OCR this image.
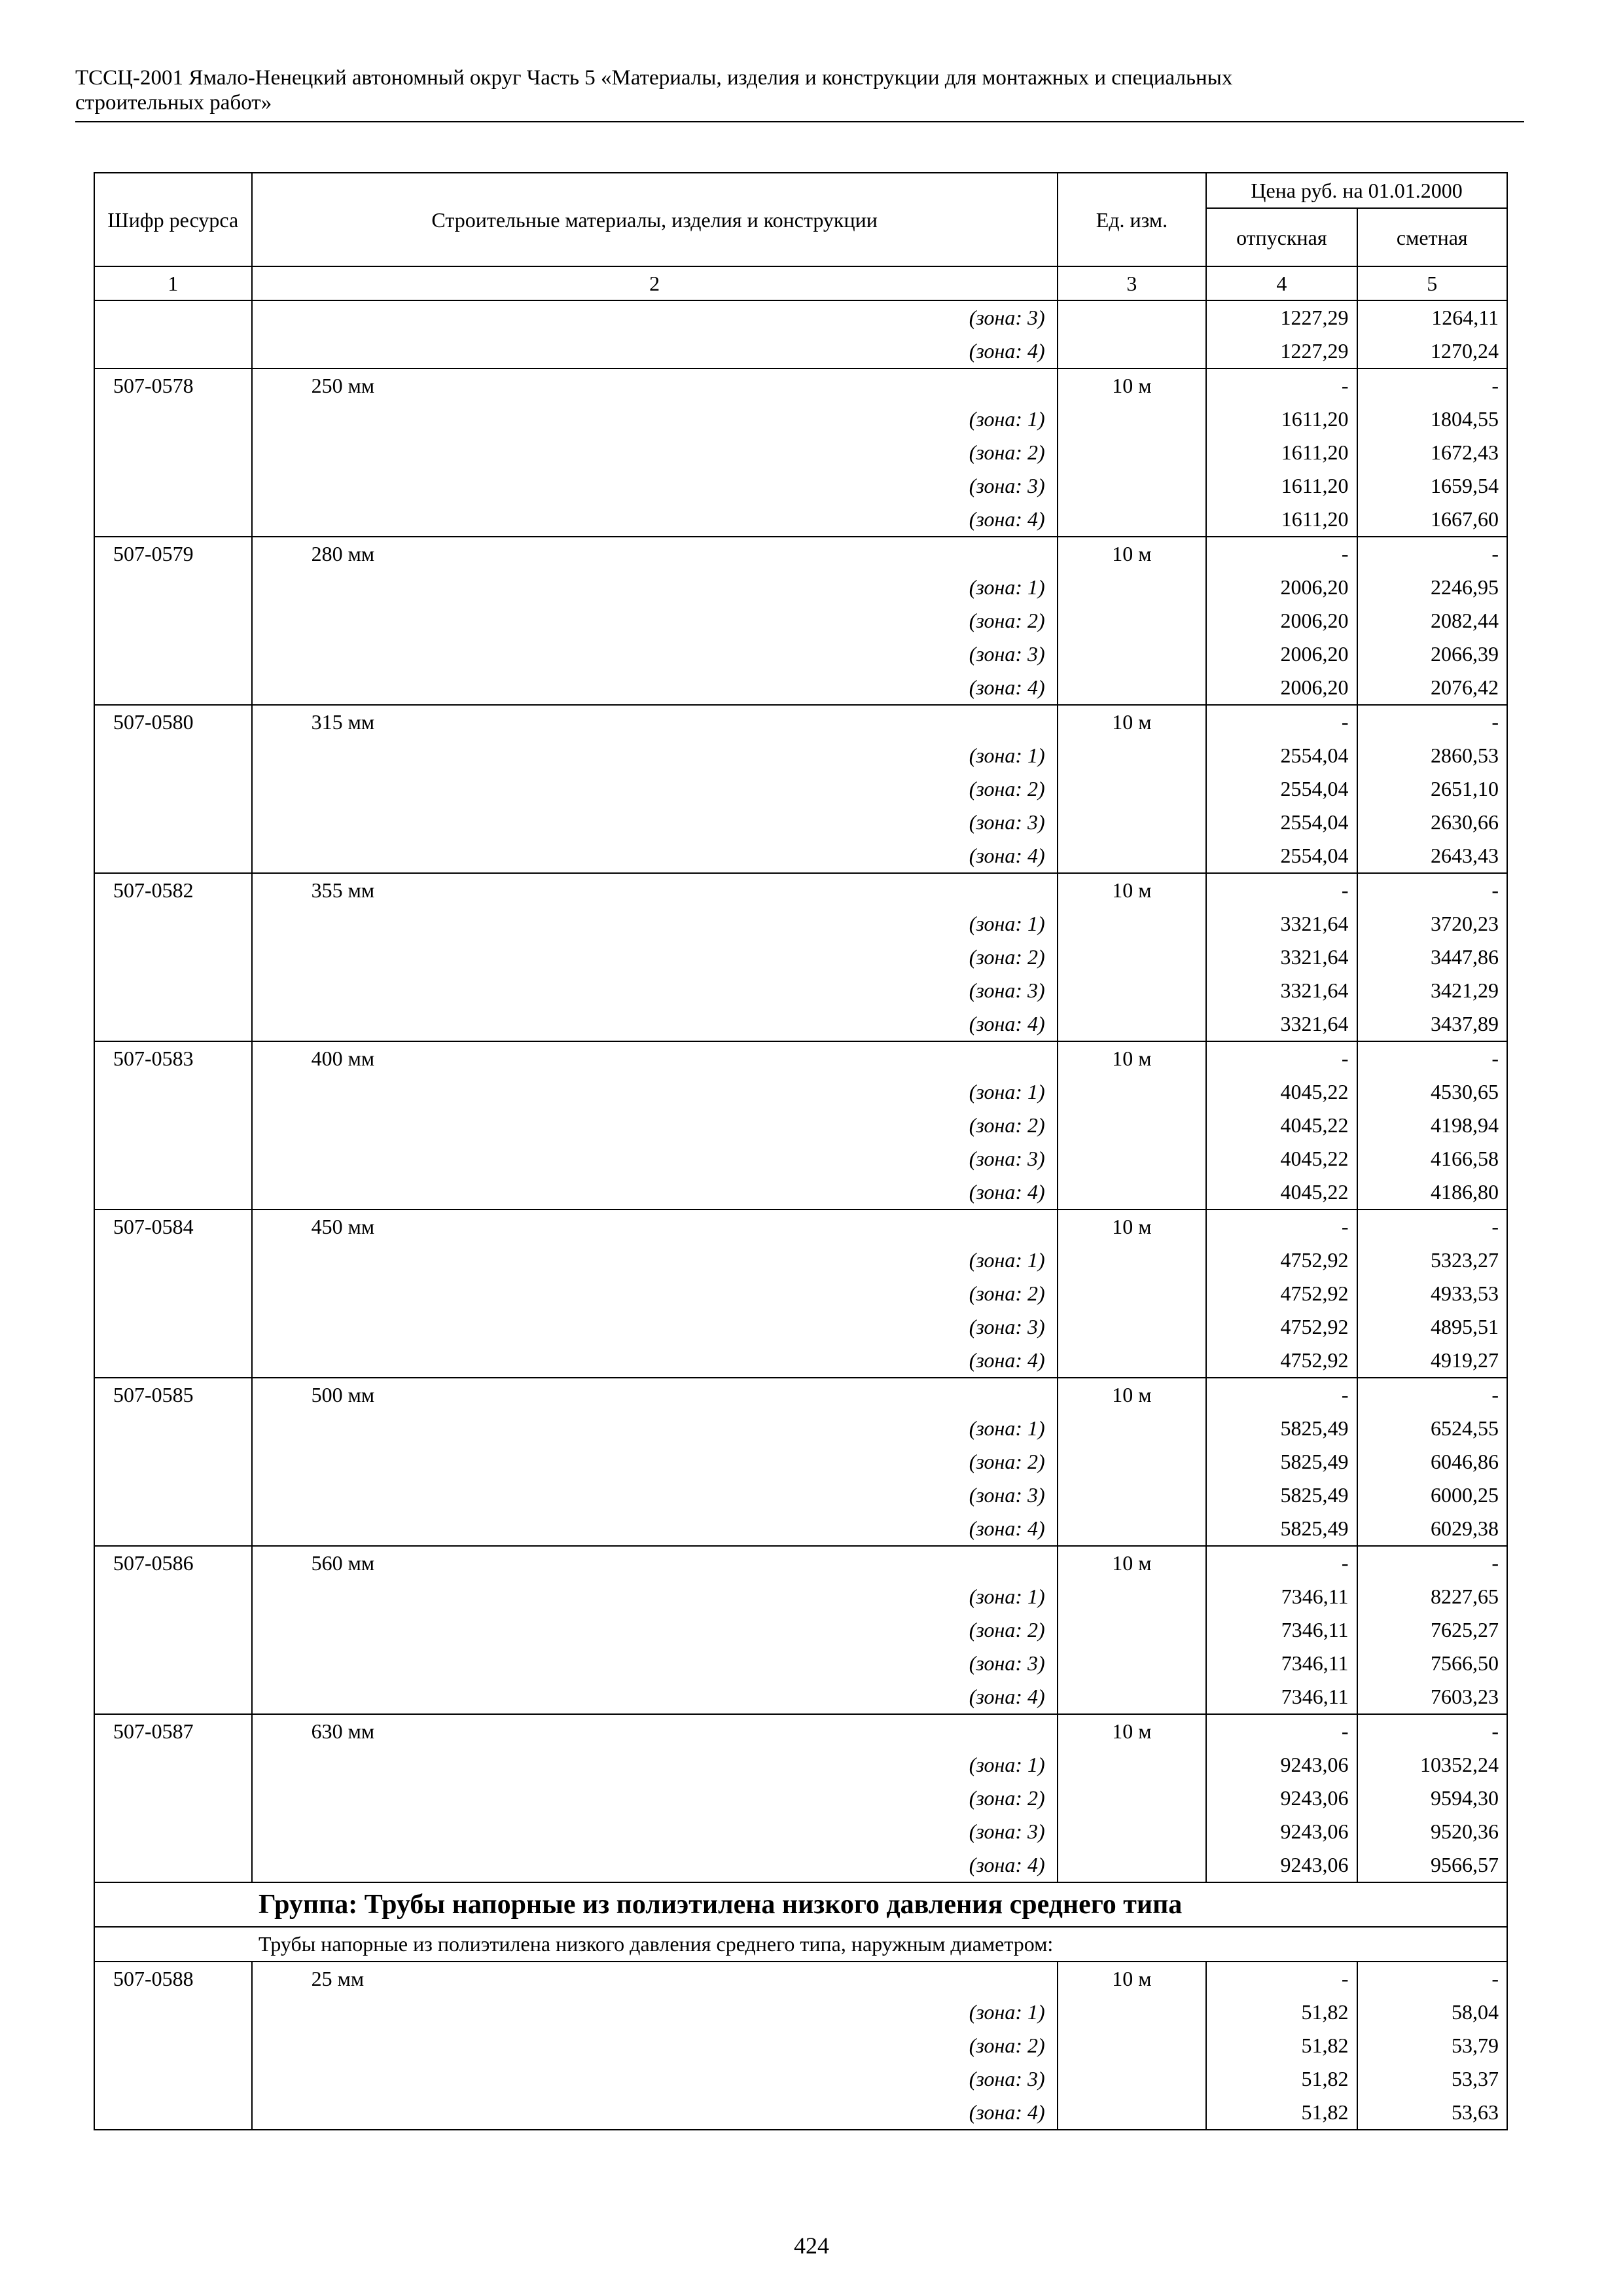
ТССЦ-2001 Ямало-Ненецкий автономный округ Часть 5 «Материалы, изделия и конструкции для монтажных и специальных
строительных работ»
Шифр ресурса	Строительные материалы, изделия и конструкции	Ед. изм.	Цена руб. на 01.01.2000	
			отпускная	сметная
1	2	3	4	5
	(зона: 3)		1227,29	1264,11
	(зона: 4)		1227,29	1270,24
507-0578	250 мм	10 м	-	-
	(зона: 1)		1611,20	1804,55
	(зона: 2)		1611,20	1672,43
	(зона: 3)		1611,20	1659,54
	(зона: 4)		1611,20	1667,60
507-0579	280 мм	10 м	-	-
	(зона: 1)		2006,20	2246,95
	(зона: 2)		2006,20	2082,44
	(зона: 3)		2006,20	2066,39
	(зона: 4)		2006,20	2076,42
507-0580	315 мм	10 м	-	-
	(зона: 1)		2554,04	2860,53
	(зона: 2)		2554,04	2651,10
	(зона: 3)		2554,04	2630,66
	(зона: 4)		2554,04	2643,43
507-0582	355 мм	10 м	-	-
	(зона: 1)		3321,64	3720,23
	(зона: 2)		3321,64	3447,86
	(зона: 3)		3321,64	3421,29
	(зона: 4)		3321,64	3437,89
507-0583	400 мм	10 м	-	-
	(зона: 1)		4045,22	4530,65
	(зона: 2)		4045,22	4198,94
	(зона: 3)		4045,22	4166,58
	(зона: 4)		4045,22	4186,80
507-0584	450 мм	10 м	-	-
	(зона: 1)		4752,92	5323,27
	(зона: 2)		4752,92	4933,53
	(зона: 3)		4752,92	4895,51
	(зона: 4)		4752,92	4919,27
507-0585	500 мм	10 м	-	-
	(зона: 1)		5825,49	6524,55
	(зона: 2)		5825,49	6046,86
	(зона: 3)		5825,49	6000,25
	(зона: 4)		5825,49	6029,38
507-0586	560 мм	10 м	-	-
	(зона: 1)		7346,11	8227,65
	(зона: 2)		7346,11	7625,27
	(зона: 3)		7346,11	7566,50
	(зона: 4)		7346,11	7603,23
507-0587	630 мм	10 м	-	-
	(зона: 1)		9243,06	10352,24
	(зона: 2)		9243,06	9594,30
	(зона: 3)		9243,06	9520,36
	(зона: 4)		9243,06	9566,57
Группа: Трубы напорные из полиэтилена низкого давления среднего типа				
Трубы напорные из полиэтилена низкого давления среднего типа, наружным диаметром:				
507-0588	25 мм	10 м	-	-
	(зона: 1)		51,82	58,04
	(зона: 2)		51,82	53,79
	(зона: 3)		51,82	53,37
	(зона: 4)		51,82	53,63
424
